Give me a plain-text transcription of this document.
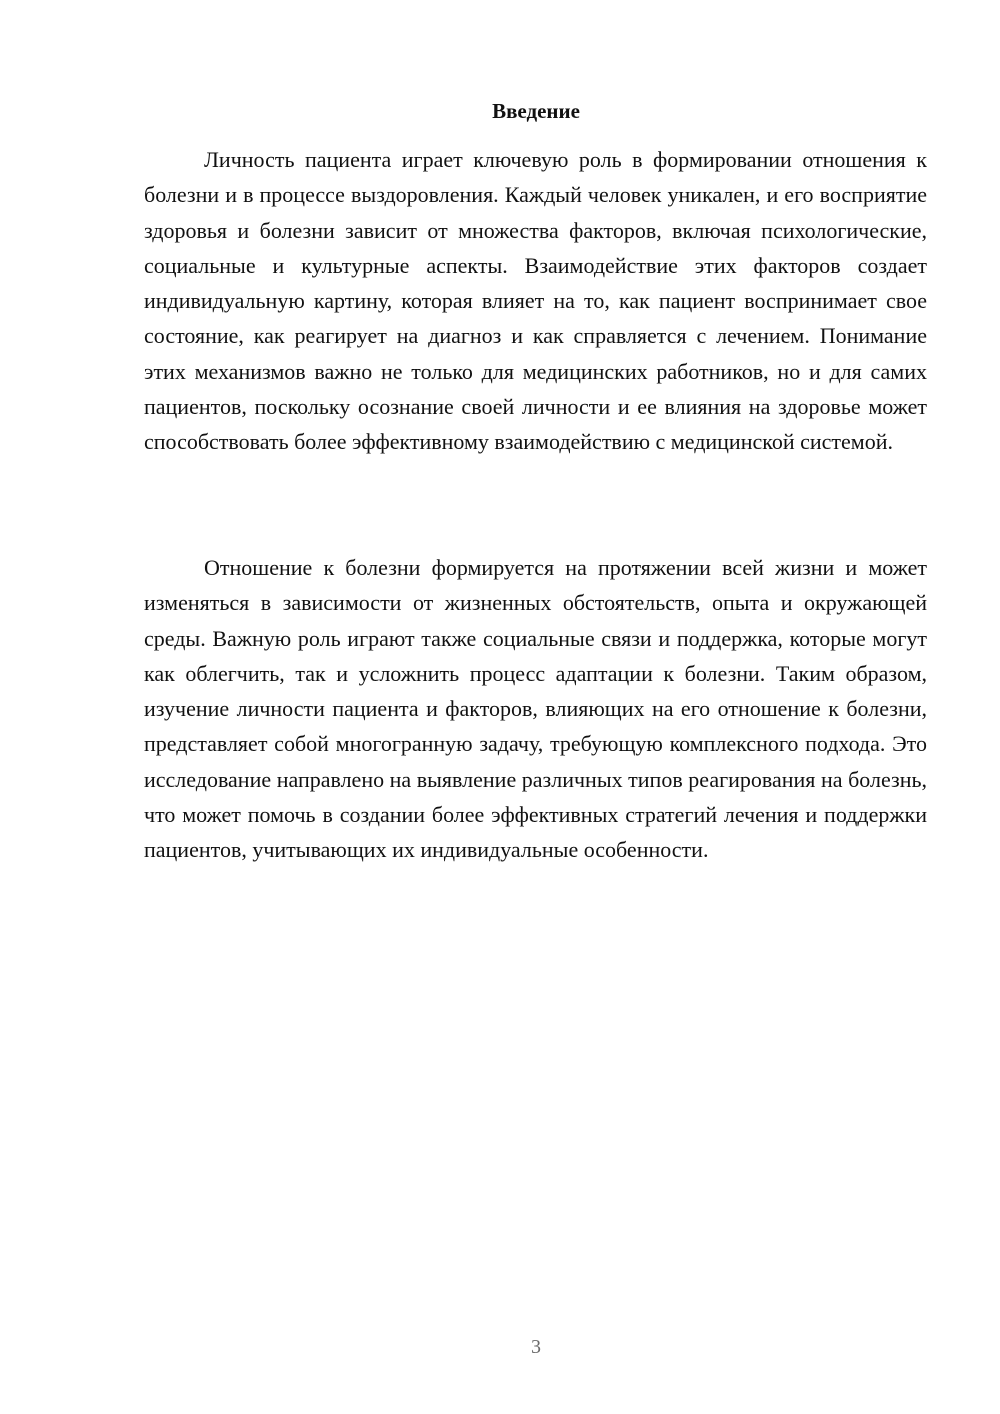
Введение

Личность пациента играет ключевую роль в формировании отношения к болезни и в процессе выздоровления. Каждый человек уникален, и его восприятие здоровья и болезни зависит от множества факторов, включая психологические, социальные и культурные аспекты. Взаимодействие этих факторов создает индивидуальную картину, которая влияет на то, как пациент воспринимает свое состояние, как реагирует на диагноз и как справляется с лечением. Понимание этих механизмов важно не только для медицинских работников, но и для самих пациентов, поскольку осознание своей личности и ее влияния на здоровье может способствовать более эффективному взаимодействию с медицинской системой.

Отношение к болезни формируется на протяжении всей жизни и может изменяться в зависимости от жизненных обстоятельств, опыта и окружающей среды. Важную роль играют также социальные связи и поддержка, которые могут как облегчить, так и усложнить процесс адаптации к болезни. Таким образом, изучение личности пациента и факторов, влияющих на его отношение к болезни, представляет собой многогранную задачу, требующую комплексного подхода. Это исследование направлено на выявление различных типов реагирования на болезнь, что может помочь в создании более эффективных стратегий лечения и поддержки пациентов, учитывающих их индивидуальные особенности.

3
